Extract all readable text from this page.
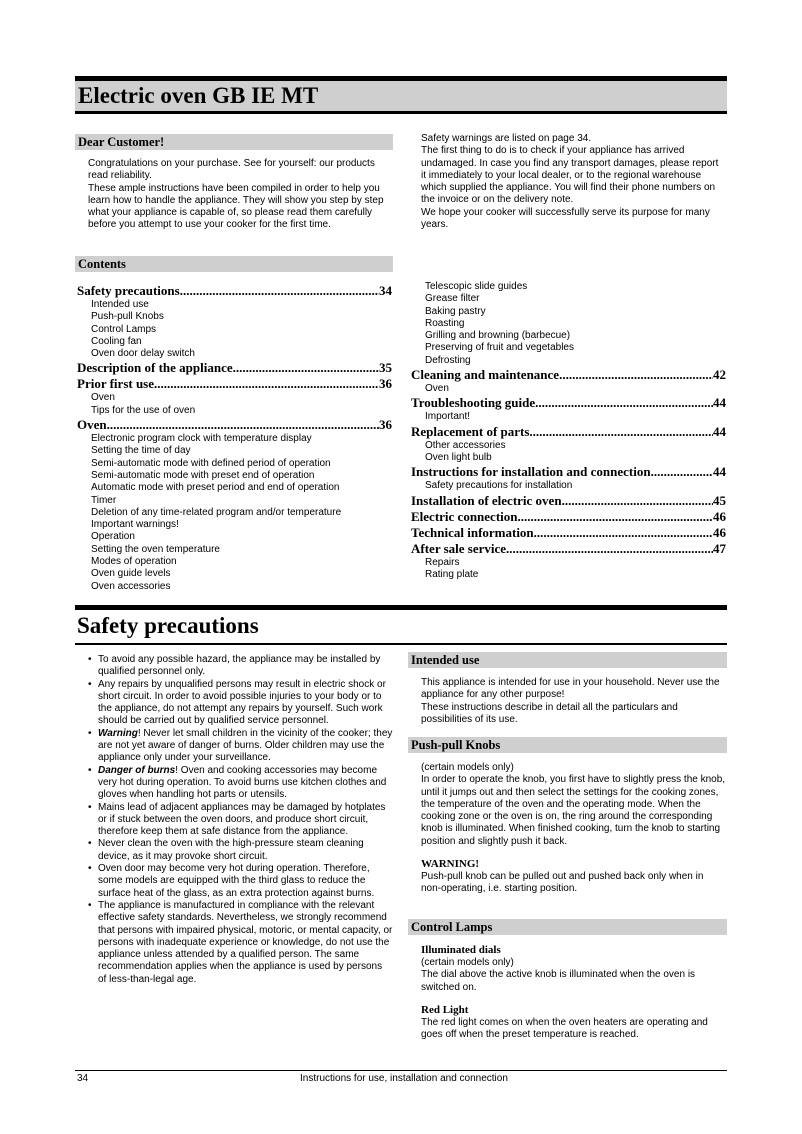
Electric oven GB IE MT
Dear Customer!

Congratulations on your purchase. See for yourself: our products read reliability.

These ample instructions have been compiled in order to help you learn how to handle the appliance. They will show you step by step what your appliance is capable of, so please read them carefully before you attempt to use your cooker for the first time.

Safety warnings are listed on page 34.

The first thing to do is to check if your appliance has arrived undamaged. In case you find any transport damages, please report it immediately to your local dealer, or to the regional warehouse which supplied the appliance. You will find their phone numbers on the invoice or on the delivery note.

We hope your cooker will successfully serve its purpose for many years.

Contents
Safety precautions .....	34
Intended use
Push-pull Knobs
Control Lamps
Cooling fan
Oven door delay switch
Description of the appliance .....	35
Prior first use .....	36
Oven
Tips for the use of oven
Oven .....	36
Electronic program clock with temperature display
Setting the time of day
Semi-automatic mode with defined period of operation
Semi-automatic mode with preset end of operation
Automatic mode with preset period and end of operation
Timer
Deletion of any time-related program and/or temperature
Important warnings!
Operation
Setting the oven temperature
Modes of operation
Oven guide levels
Oven accessories
Telescopic slide guides
Grease filter
Baking pastry
Roasting
Grilling and browning (barbecue)
Preserving of fruit and vegetables
Defrosting
Cleaning and maintenance .....	42
Oven
Troubleshooting guide .....	44
Important!
Replacement of parts .....	44
Other accessories
Oven light bulb
Instructions for installation and connection .....	44
Safety precautions for installation
Installation of electric oven .....	45
Electric connection .....	46
Technical information .....	46
After sale service .....	47
Repairs
Rating plate
Safety precautions
• To avoid any possible hazard, the appliance may be installed by qualified personnel only.
• Any repairs by unqualified persons may result in electric shock or short circuit. In order to avoid possible injuries to your body or to the appliance, do not attempt any repairs by yourself. Such work should be carried out by qualified service personnel.
• Warning! Never let small children in the vicinity of the cooker; they are not yet aware of danger of burns. Older children may use the appliance only under your surveillance.
• Danger of burns! Oven and cooking accessories may become very hot during operation. To avoid burns use kitchen clothes and gloves when handling hot parts or utensils.
• Mains lead of adjacent appliances may be damaged by hotplates or if stuck between the oven doors, and produce short circuit, therefore keep them at safe distance from the appliance.
• Never clean the oven with the high-pressure steam cleaning device, as it may provoke short circuit.
• Oven door may become very hot during operation. Therefore, some models are equipped with the third glass to reduce the surface heat of the glass, as an extra protection against burns.
• The appliance is manufactured in compliance with the relevant effective safety standards. Nevertheless, we strongly recommend that persons with impaired physical, motoric, or mental capacity, or persons with inadequate experience or knowledge, do not use the appliance unless attended by a qualified person. The same recommendation applies when the appliance is used by persons of less-than-legal age.
Intended use

This appliance is intended for use in your household. Never use the appliance for any other purpose!

These instructions describe in detail all the particulars and possibilities of its use.

Push-pull Knobs

(certain models only)

In order to operate the knob, you first have to slightly press the knob, until it jumps out and then select the settings for the cooking zones, the temperature of the oven and the operating mode. When the cooking zone or the oven is on, the ring around the corresponding knob is illuminated. When finished cooking, turn the knob to starting position and slightly push it back.

WARNING!

Push-pull knob can be pulled out and pushed back only when in non-operating, i.e. starting position.

Control Lamps

Illuminated dials

(certain models only)

The dial above the active knob is illuminated when the oven is switched on.

Red Light

The red light comes on when the oven heaters are operating and goes off when the preset temperature is reached.

34	Instructions for use, installation and connection
